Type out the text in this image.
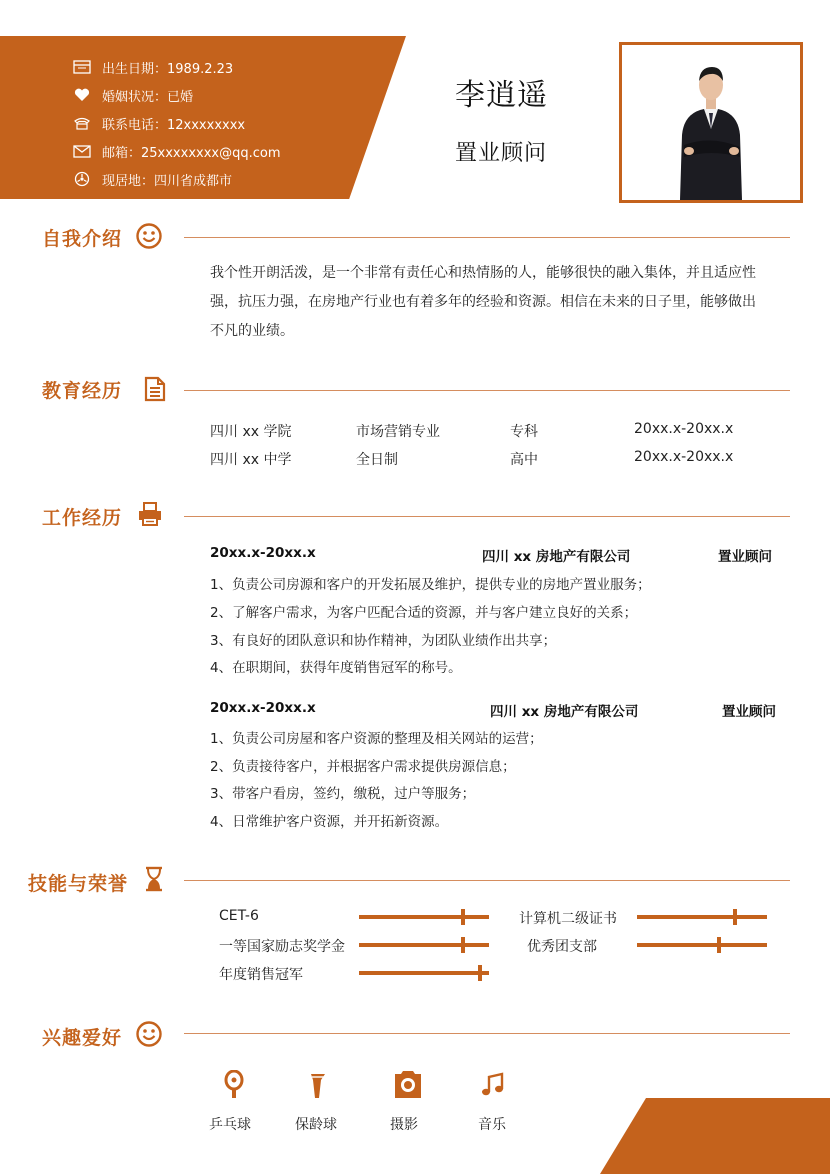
出生日期：1989.2.23
婚姻状况：已婚
联系电话：12xxxxxxxx
邮箱：25xxxxxxxx@qq.com
现居地：四川省成都市
李逍遥
置业顾问
自我介绍
我个性开朗活泼，是一个非常有责任心和热情肠的人，能够很快的融入集体，并且适应性
强，抗压力强，在房地产行业也有着多年的经验和资源。相信在未来的日子里，能够做出
不凡的业绩。
教育经历
四川 xx 学院	市场营销专业	专科	20xx.x-20xx.x
四川 xx 中学	全日制	高中	20xx.x-20xx.x
工作经历
20xx.x-20xx.x	四川 xx 房地产有限公司	置业顾问
1、负责公司房源和客户的开发拓展及维护，提供专业的房地产置业服务；
2、了解客户需求，为客户匹配合适的资源，并与客户建立良好的关系；
3、有良好的团队意识和协作精神，为团队业绩作出共享；
4、在职期间，获得年度销售冠军的称号。
20xx.x-20xx.x	四川 xx 房地产有限公司	置业顾问
1、负责公司房屋和客户资源的整理及相关网站的运营；
2、负责接待客户，并根据客户需求提供房源信息；
3、带客户看房，签约，缴税，过户等服务；
4、日常维护客户资源，并开拓新资源。
技能与荣誉
CET-6	计算机二级证书
一等国家励志奖学金	优秀团支部
年度销售冠军
兴趣爱好
乒乓球	保龄球	摄影	音乐
